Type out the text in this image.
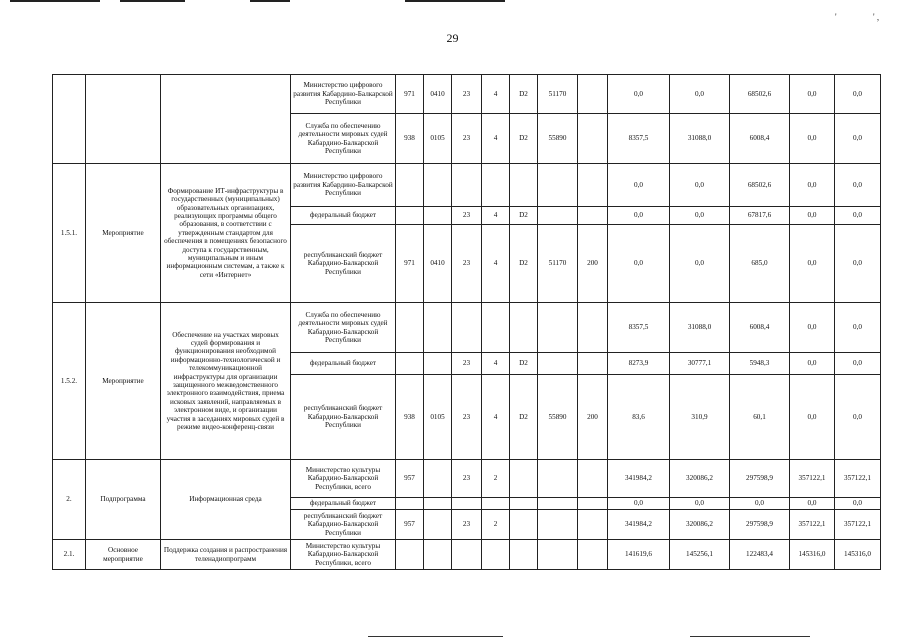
'	' ,
29
			Министерство цифрового развития Кабардино-Балкарской Республики	971	0410	23	4	D2	51170		0,0	0,0	68502,6	0,0	0,0
			Служба по обеспечению деятельности мировых судей Кабардино-Балкарской Республики	938	0105	23	4	D2	55890		8357,5	31088,0	6008,4	0,0	0,0
1.5.1.	Мероприятие	Формирование ИТ-инфраструктуры в государственных (муниципальных) образовательных организациях, реализующих программы общего образования, в соответствии с утвержденным стандартом для обеспечения в помещениях безопасного доступа к государственным, муниципальным и иным информационным системам, а также к сети «Интернет»	Министерство цифрового развития Кабардино-Балкарской Республики								0,0	0,0	68502,6	0,0	0,0
			федеральный бюджет			23	4	D2			0,0	0,0	67817,6	0,0	0,0
			республиканский бюджет Кабардино-Балкарской Республики	971	0410	23	4	D2	51170	200	0,0	0,0	685,0	0,0	0,0
1.5.2.	Мероприятие	Обеспечение на участках мировых судей формирования и функционирования необходимой информационно-технологической и телекоммуникационной инфраструктуры для организации защищенного межведомственного электронного взаимодействия, приема исковых заявлений, направляемых в электронном виде, и организации участия в заседаниях мировых судей в режиме видео-конференц-связи	Служба по обеспечению деятельности мировых судей Кабардино-Балкарской Республики								8357,5	31088,0	6008,4	0,0	0,0
			федеральный бюджет			23	4	D2			8273,9	30777,1	5948,3	0,0	0,0
			республиканский бюджет Кабардино-Балкарской Республики	938	0105	23	4	D2	55890	200	83,6	310,9	60,1	0,0	0,0
2.	Подпрограмма	Информационная среда	Министерство культуры Кабардино-Балкарской Республики, всего	957		23	2				341984,2	320086,2	297598,9	357122,1	357122,1
			федеральный бюджет								0,0	0,0	0,0	0,0	0,0
			республиканский бюджет Кабардино-Балкарской Республики	957		23	2				341984,2	320086,2	297598,9	357122,1	357122,1
2.1.	Основное мероприятие	Поддержка создания и распространения теленадиопрограмм	Министерство культуры Кабардино-Балкарской Республики, всего								141619,6	145256,1	122483,4	145316,0	145316,0
